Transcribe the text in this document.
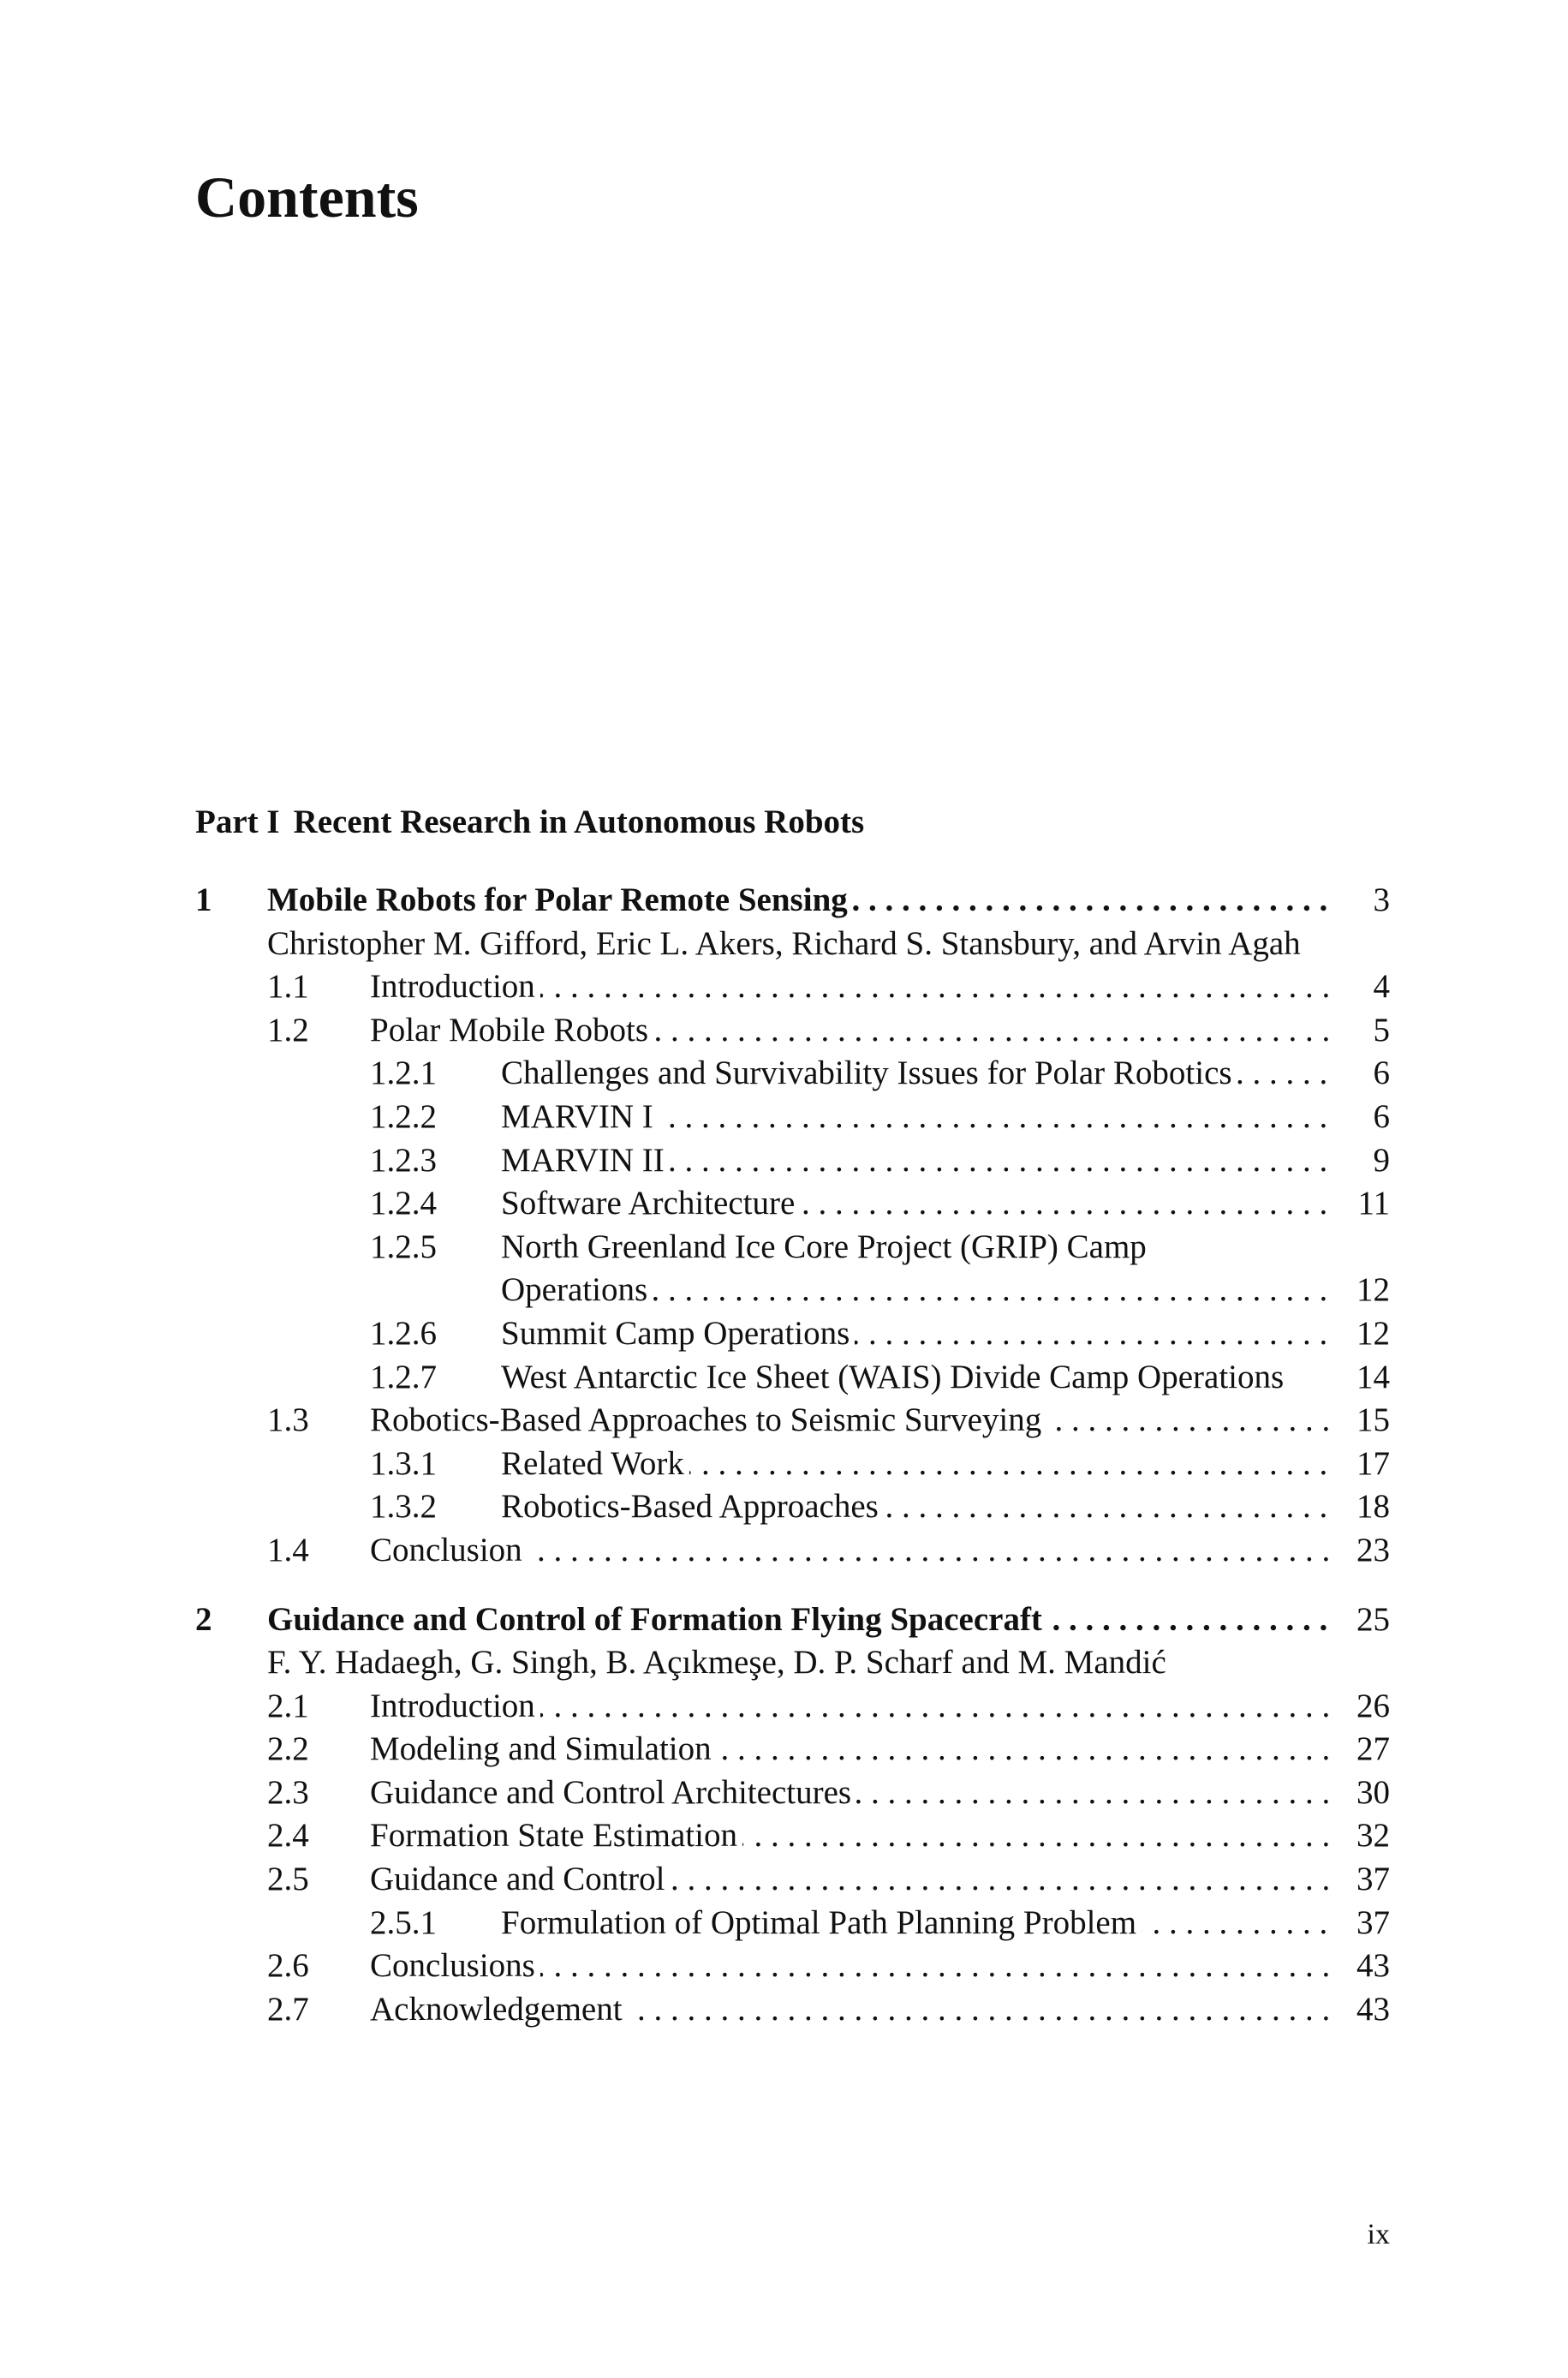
Contents
Part I Recent Research in Autonomous Robots
1 Mobile Robots for Polar Remote Sensing . . .	3
Christopher M. Gifford, Eric L. Akers, Richard S. Stansbury, and Arvin Agah
1.1 Introduction . . .	4
1.2 Polar Mobile Robots . . .	5
1.2.1 Challenges and Survivability Issues for Polar Robotics . . .	6
1.2.2 MARVIN I . . .	6
1.2.3 MARVIN II . . .	9
1.2.4 Software Architecture . . .	11
1.2.5 North Greenland Ice Core Project (GRIP) Camp
Operations . . .	12
1.2.6 Summit Camp Operations . . .	12
1.2.7 West Antarctic Ice Sheet (WAIS) Divide Camp Operations	14
1.3 Robotics-Based Approaches to Seismic Surveying . . .	15
1.3.1 Related Work . . .	17
1.3.2 Robotics-Based Approaches . . .	18
1.4 Conclusion . . .	23
2 Guidance and Control of Formation Flying Spacecraft . . .	25
F. Y. Hadaegh, G. Singh, B. Açıkmeşe, D. P. Scharf and M. Mandić
2.1 Introduction . . .	26
2.2 Modeling and Simulation . . .	27
2.3 Guidance and Control Architectures . . .	30
2.4 Formation State Estimation . . .	32
2.5 Guidance and Control . . .	37
2.5.1 Formulation of Optimal Path Planning Problem . . .	37
2.6 Conclusions . . .	43
2.7 Acknowledgement . . .	43
ix
